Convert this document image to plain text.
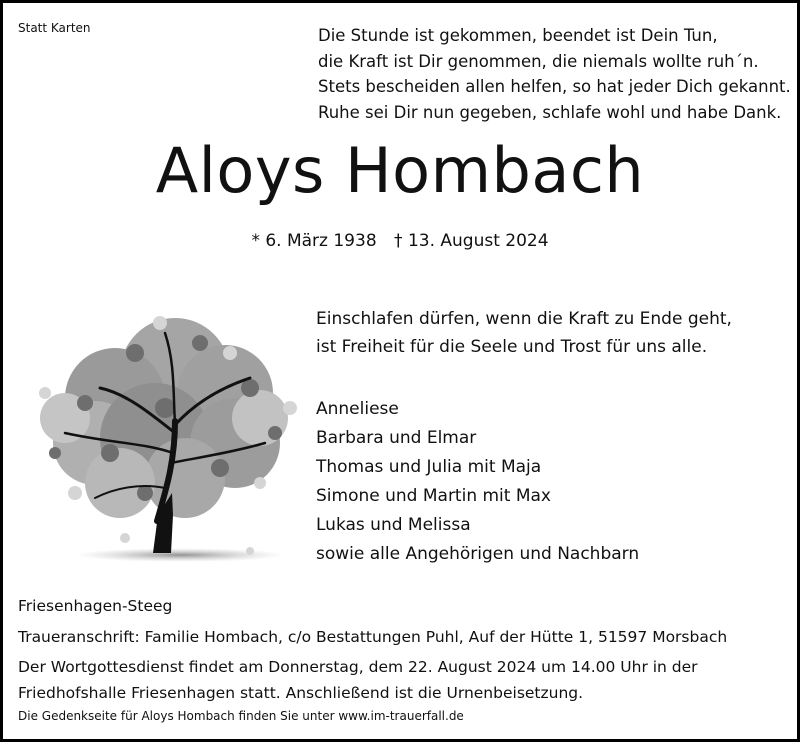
Statt Karten	Die Stunde ist gekommen, beendet ist Dein Tun,
die Kraft ist Dir genommen, die niemals wollte ruh´n.
Stets bescheiden allen helfen, so hat jeder Dich gekannt.
Ruhe sei Dir nun gegeben, schlafe wohl und habe Dank.
Aloys Hombach
* 6. März 1938 † 13. August 2024
Einschlafen dürfen, wenn die Kraft zu Ende geht,
ist Freiheit für die Seele und Trost für uns alle.
Anneliese
Barbara und Elmar
Thomas und Julia mit Maja
Simone und Martin mit Max
Lukas und Melissa
sowie alle Angehörigen und Nachbarn

Friesenhagen-Steeg

Traueranschrift: Familie Hombach, c/o Bestattungen Puhl, Auf der Hütte 1, 51597 Morsbach

Der Wortgottesdienst findet am Donnerstag, dem 22. August 2024 um 14.00 Uhr in der
Friedhofshalle Friesenhagen statt. Anschließend ist die Urnenbeisetzung.

Die Gedenkseite für Aloys Hombach finden Sie unter www.im-trauerfall.de
